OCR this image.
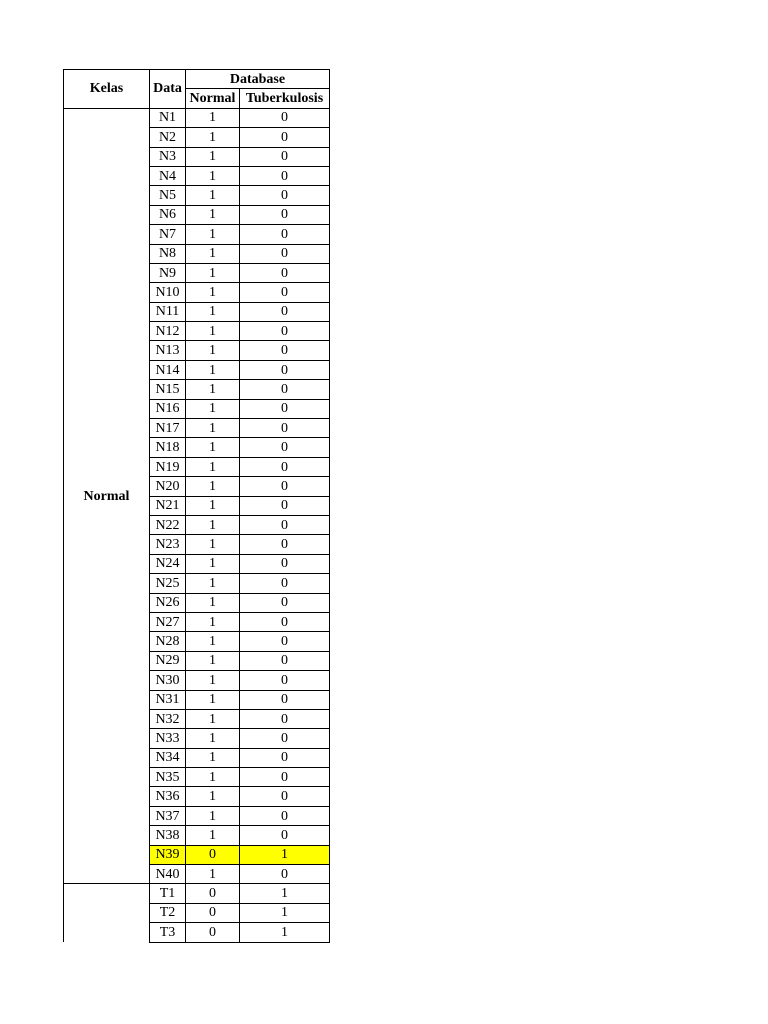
Kelas	Data	Database	
		Normal	Tuberkulosis
Normal	N1	1	0
	N2	1	0
	N3	1	0
	N4	1	0
	N5	1	0
	N6	1	0
	N7	1	0
	N8	1	0
	N9	1	0
	N10	1	0
	N11	1	0
	N12	1	0
	N13	1	0
	N14	1	0
	N15	1	0
	N16	1	0
	N17	1	0
	N18	1	0
	N19	1	0
	N20	1	0
	N21	1	0
	N22	1	0
	N23	1	0
	N24	1	0
	N25	1	0
	N26	1	0
	N27	1	0
	N28	1	0
	N29	1	0
	N30	1	0
	N31	1	0
	N32	1	0
	N33	1	0
	N34	1	0
	N35	1	0
	N36	1	0
	N37	1	0
	N38	1	0
	N39	0	1
	N40	1	0
	T1	0	1
	T2	0	1
	T3	0	1
